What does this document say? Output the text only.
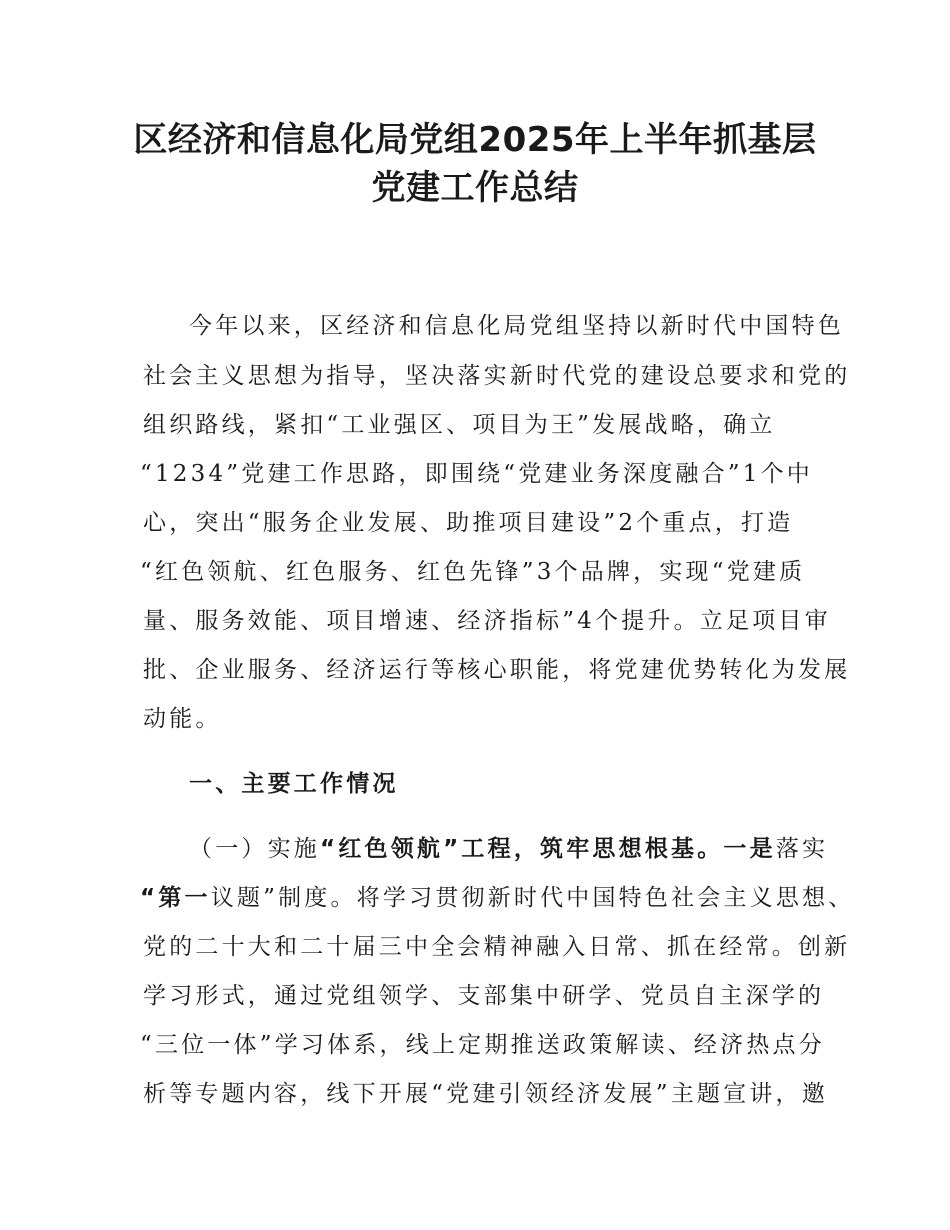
区经济和信息化局党组2025年上半年抓基层
党建工作总结

今年以来，区经济和信息化局党组坚持以新时代中国特色

社会主义思想为指导，坚决落实新时代党的建设总要求和党的

组织路线，紧扣“工业强区、项目为王”发展战略，确立

“1234”党建工作思路，即围绕“党建业务深度融合”1个中

心，突出“服务企业发展、助推项目建设”2个重点，打造

“红色领航、红色服务、红色先锋”3个品牌，实现“党建质

量、服务效能、项目增速、经济指标”4个提升。立足项目审

批、企业服务、经济运行等核心职能，将党建优势转化为发展

动能。

一、主要工作情况

（一）实施“红色领航”工程，筑牢思想根基。一是落实

“第一议题”制度。将学习贯彻新时代中国特色社会主义思想、

党的二十大和二十届三中全会精神融入日常、抓在经常。创新

学习形式，通过党组领学、支部集中研学、党员自主深学的

“三位一体”学习体系，线上定期推送政策解读、经济热点分

析等专题内容，线下开展“党建引领经济发展”主题宣讲，邀
